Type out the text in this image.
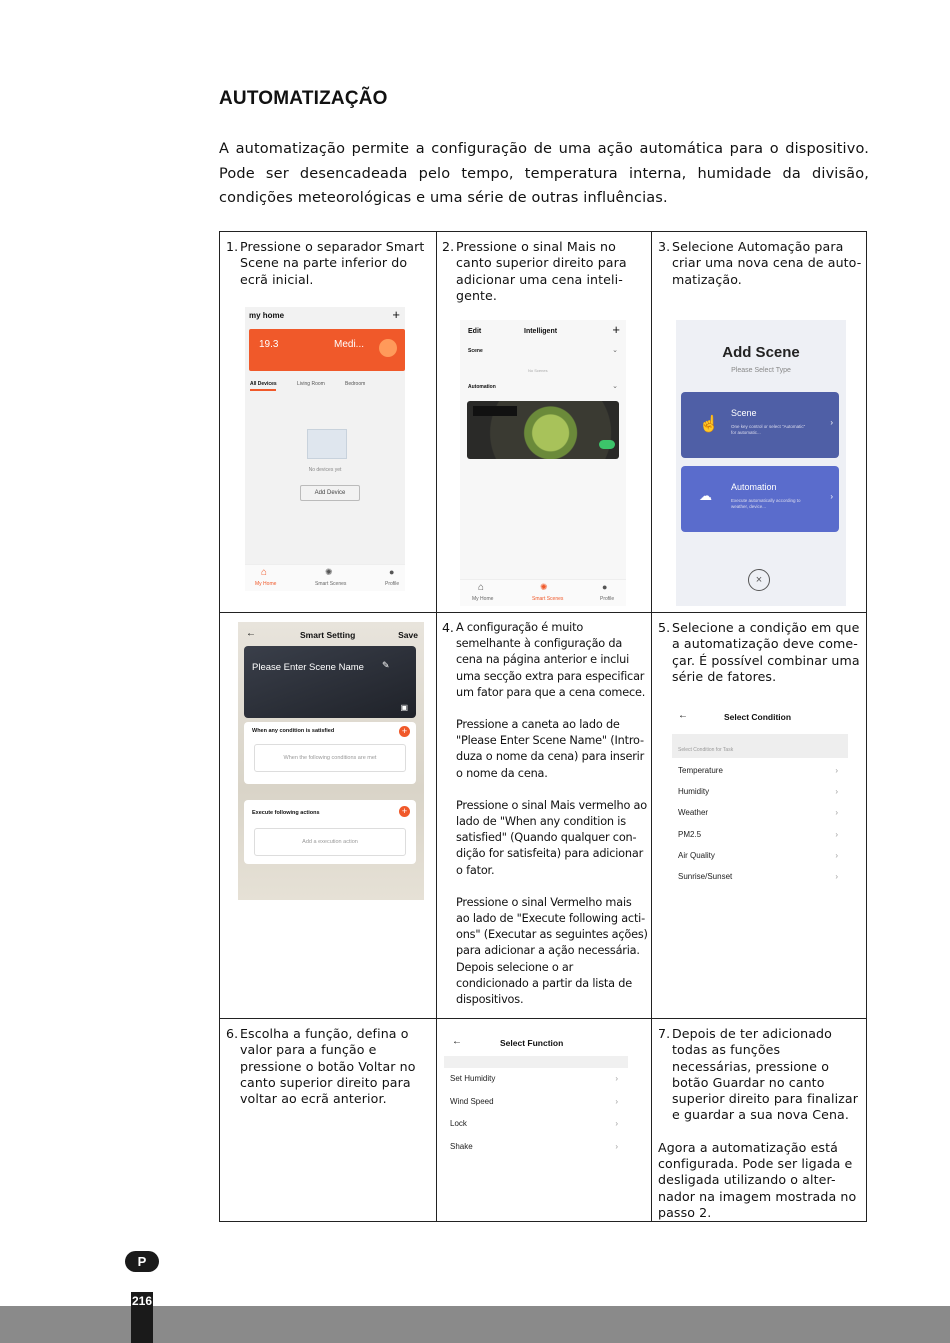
AUTOMATIZAÇÃO
A automatização permite a configuração de uma ação automática para o dispositivo. Pode ser desencadeada pelo tempo, temperatura interna, humidade da divisão, condições meteorológicas e uma série de outras influências.
1. Pressione o separador Smart Scene na parte inferior do ecrã inicial.
my home	+
19.3	Medi...
All Devices	Living Room	Bedroom
No devices yet
Add Device
⌂	✺	●
My Home	Smart Scenes	Profile
2. Pressione o sinal Mais no canto superior direito para adicionar uma cena inteli-gente.
Edit	Intelligent	+
Scene	⌄
No Scenes
Automation	⌄
⌂	✺	●
My Home	Smart Scenes	Profile
3. Selecione Automação para criar uma nova cena de auto-matização.
Add Scene
Please Select Type
☝
Scene
One key control or select "Automatic" for automatic...
›
☁
Automation
Execute automatically according to weather, device...
›
×
←	Smart Setting	Save
Please Enter Scene Name ✎
▣
When any condition is satisfied	+
When the following conditions are met
Execute following actions	+
Add a execution action
4. A configuração é muito semelhante à configuração da cena na página anterior e inclui uma secção extra para especificar um fator para que a cena comece.
Pressione a caneta ao lado de "Please Enter Scene Name" (Intro-duza o nome da cena) para inserir o nome da cena.
Pressione o sinal Mais vermelho ao lado de "When any condition is satisfied" (Quando qualquer con-dição for satisfeita) para adicionar o fator.
Pressione o sinal Vermelho mais ao lado de "Execute following acti-ons" (Executar as seguintes ações) para adicionar a ação necessária. Depois selecione o ar condicionado a partir da lista de dispositivos.
5. Selecione a condição em que a automatização deve come-çar. É possível combinar uma série de fatores.
←	Select Condition
Select Condition for Task
Temperature	›
Humidity	›
Weather	›
PM2.5	›
Air Quality	›
Sunrise/Sunset	›
6. Escolha a função, defina o valor para a função e pressione o botão Voltar no canto superior direito para voltar ao ecrã anterior.
←	Select Function
Set Humidity	›
Wind Speed	›
Lock	›
Shake	›
7. Depois de ter adicionado todas as funções necessárias, pressione o botão Guardar no canto superior direito para finalizar e guardar a sua nova Cena.
Agora a automatização está configurada. Pode ser ligada e desligada utilizando o alter-nador na imagem mostrada no passo 2.
P
216
